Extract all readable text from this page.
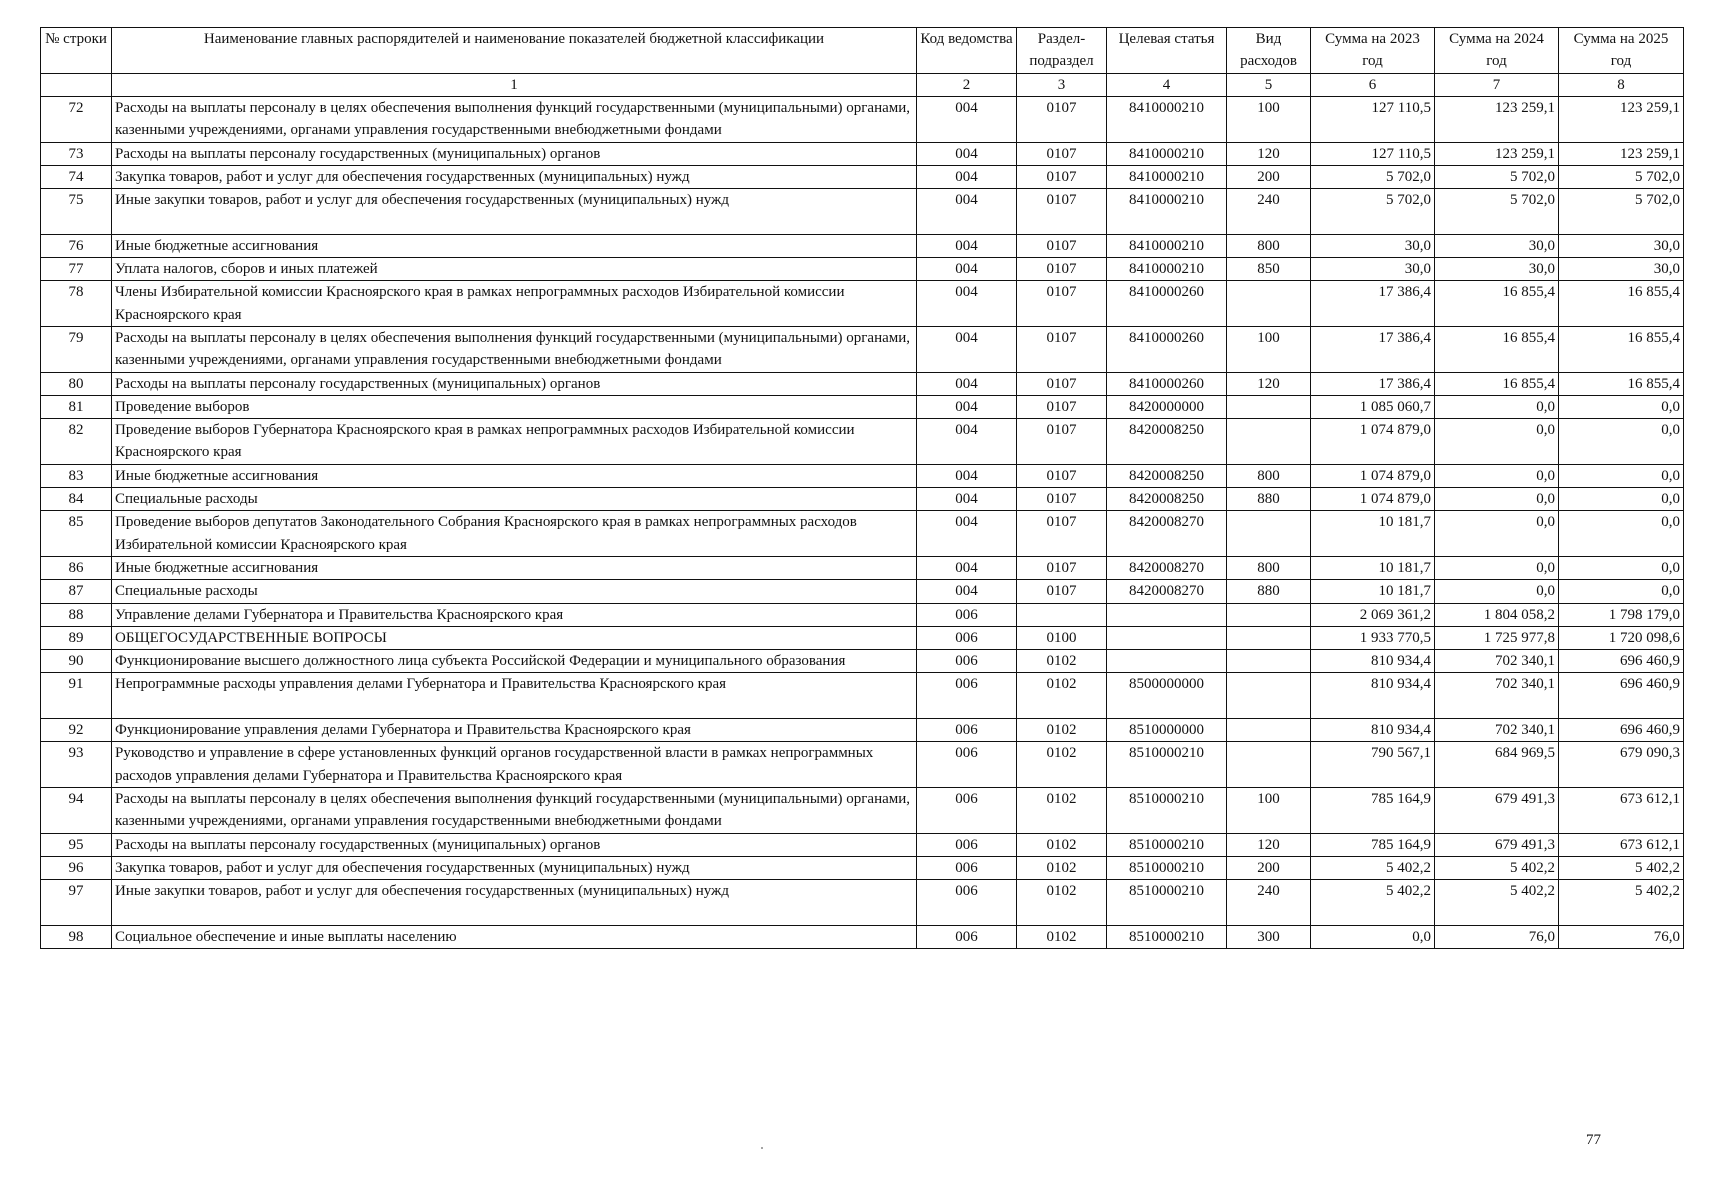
№ строки	Наименование главных распорядителей и наименование показателей бюджетной классификации	Код ведомства	Раздел-подраздел	Целевая статья	Вид расходов	Сумма на 2023 год	Сумма на 2024 год	Сумма на 2025 год
	1	2	3	4	5	6	7	8
72	Расходы на выплаты персоналу в целях обеспечения выполнения функций государственными (муниципальными) органами, казенными учреждениями, органами управления государственными внебюджетными фондами	004	0107	8410000210	100	127 110,5	123 259,1	123 259,1
73	Расходы на выплаты персоналу государственных (муниципальных) органов	004	0107	8410000210	120	127 110,5	123 259,1	123 259,1
74	Закупка товаров, работ и услуг для обеспечения государственных (муниципальных) нужд	004	0107	8410000210	200	5 702,0	5 702,0	5 702,0
75	Иные закупки товаров, работ и услуг для обеспечения государственных (муниципальных) нужд	004	0107	8410000210	240	5 702,0	5 702,0	5 702,0
76	Иные бюджетные ассигнования	004	0107	8410000210	800	30,0	30,0	30,0
77	Уплата налогов, сборов и иных платежей	004	0107	8410000210	850	30,0	30,0	30,0
78	Члены Избирательной комиссии Красноярского края в рамках непрограммных расходов Избирательной комиссии Красноярского края	004	0107	8410000260		17 386,4	16 855,4	16 855,4
79	Расходы на выплаты персоналу в целях обеспечения выполнения функций государственными (муниципальными) органами, казенными учреждениями, органами управления государственными внебюджетными фондами	004	0107	8410000260	100	17 386,4	16 855,4	16 855,4
80	Расходы на выплаты персоналу государственных (муниципальных) органов	004	0107	8410000260	120	17 386,4	16 855,4	16 855,4
81	Проведение выборов	004	0107	8420000000		1 085 060,7	0,0	0,0
82	Проведение выборов Губернатора Красноярского края в рамках непрограммных расходов Избирательной комиссии Красноярского края	004	0107	8420008250		1 074 879,0	0,0	0,0
83	Иные бюджетные ассигнования	004	0107	8420008250	800	1 074 879,0	0,0	0,0
84	Специальные расходы	004	0107	8420008250	880	1 074 879,0	0,0	0,0
85	Проведение выборов депутатов Законодательного Собрания Красноярского края в рамках непрограммных расходов Избирательной комиссии Красноярского края	004	0107	8420008270		10 181,7	0,0	0,0
86	Иные бюджетные ассигнования	004	0107	8420008270	800	10 181,7	0,0	0,0
87	Специальные расходы	004	0107	8420008270	880	10 181,7	0,0	0,0
88	Управление делами Губернатора и Правительства Красноярского края	006				2 069 361,2	1 804 058,2	1 798 179,0
89	ОБЩЕГОСУДАРСТВЕННЫЕ ВОПРОСЫ	006	0100			1 933 770,5	1 725 977,8	1 720 098,6
90	Функционирование высшего должностного лица субъекта Российской Федерации и муниципального образования	006	0102			810 934,4	702 340,1	696 460,9
91	Непрограммные расходы управления делами Губернатора и Правительства Красноярского края	006	0102	8500000000		810 934,4	702 340,1	696 460,9
92	Функционирование управления делами Губернатора и Правительства Красноярского края	006	0102	8510000000		810 934,4	702 340,1	696 460,9
93	Руководство и управление в сфере установленных функций органов государственной власти в рамках непрограммных расходов управления делами Губернатора и Правительства Красноярского края	006	0102	8510000210		790 567,1	684 969,5	679 090,3
94	Расходы на выплаты персоналу в целях обеспечения выполнения функций государственными (муниципальными) органами, казенными учреждениями, органами управления государственными внебюджетными фондами	006	0102	8510000210	100	785 164,9	679 491,3	673 612,1
95	Расходы на выплаты персоналу государственных (муниципальных) органов	006	0102	8510000210	120	785 164,9	679 491,3	673 612,1
96	Закупка товаров, работ и услуг для обеспечения государственных (муниципальных) нужд	006	0102	8510000210	200	5 402,2	5 402,2	5 402,2
97	Иные закупки товаров, работ и услуг для обеспечения государственных (муниципальных) нужд	006	0102	8510000210	240	5 402,2	5 402,2	5 402,2
98	Социальное обеспечение и иные выплаты населению	006	0102	8510000210	300	0,0	76,0	76,0
77
